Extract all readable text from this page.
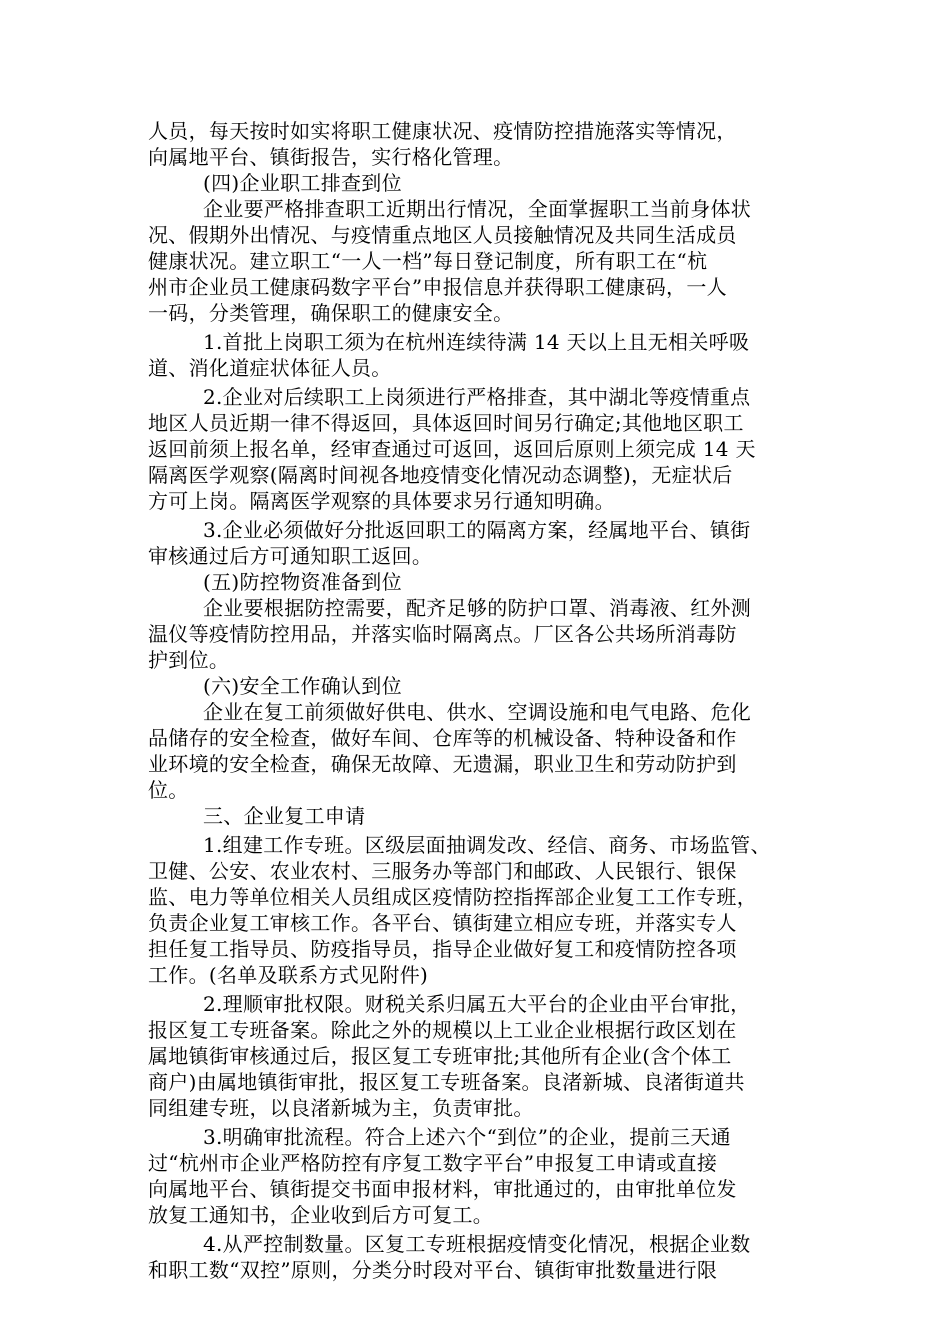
人员，每天按时如实将职工健康状况、疫情防控措施落实等情况，
向属地平台、镇街报告，实行格化管理。
(四)企业职工排查到位
企业要严格排查职工近期出行情况，全面掌握职工当前身体状
况、假期外出情况、与疫情重点地区人员接触情况及共同生活成员
健康状况。建立职工“一人一档”每日登记制度，所有职工在“杭
州市企业员工健康码数字平台”申报信息并获得职工健康码，一人
一码，分类管理，确保职工的健康安全。
1.首批上岗职工须为在杭州连续待满 14 天以上且无相关呼吸
道、消化道症状体征人员。
2.企业对后续职工上岗须进行严格排查，其中湖北等疫情重点
地区人员近期一律不得返回，具体返回时间另行确定;其他地区职工
返回前须上报名单，经审查通过可返回，返回后原则上须完成 14 天
隔离医学观察(隔离时间视各地疫情变化情况动态调整)，无症状后
方可上岗。隔离医学观察的具体要求另行通知明确。
3.企业必须做好分批返回职工的隔离方案，经属地平台、镇街
审核通过后方可通知职工返回。
(五)防控物资准备到位
企业要根据防控需要，配齐足够的防护口罩、消毒液、红外测
温仪等疫情防控用品，并落实临时隔离点。厂区各公共场所消毒防
护到位。
(六)安全工作确认到位
企业在复工前须做好供电、供水、空调设施和电气电路、危化
品储存的安全检查，做好车间、仓库等的机械设备、特种设备和作
业环境的安全检查，确保无故障、无遗漏，职业卫生和劳动防护到
位。
三、企业复工申请
1.组建工作专班。区级层面抽调发改、经信、商务、市场监管、
卫健、公安、农业农村、三服务办等部门和邮政、人民银行、银保
监、电力等单位相关人员组成区疫情防控指挥部企业复工工作专班，
负责企业复工审核工作。各平台、镇街建立相应专班，并落实专人
担任复工指导员、防疫指导员，指导企业做好复工和疫情防控各项
工作。(名单及联系方式见附件)
2.理顺审批权限。财税关系归属五大平台的企业由平台审批，
报区复工专班备案。除此之外的规模以上工业企业根据行政区划在
属地镇街审核通过后，报区复工专班审批;其他所有企业(含个体工
商户)由属地镇街审批，报区复工专班备案。良渚新城、良渚街道共
同组建专班，以良渚新城为主，负责审批。
3.明确审批流程。符合上述六个“到位”的企业，提前三天通
过“杭州市企业严格防控有序复工数字平台”申报复工申请或直接
向属地平台、镇街提交书面申报材料，审批通过的，由审批单位发
放复工通知书，企业收到后方可复工。
4.从严控制数量。区复工专班根据疫情变化情况，根据企业数
和职工数“双控”原则，分类分时段对平台、镇街审批数量进行限
